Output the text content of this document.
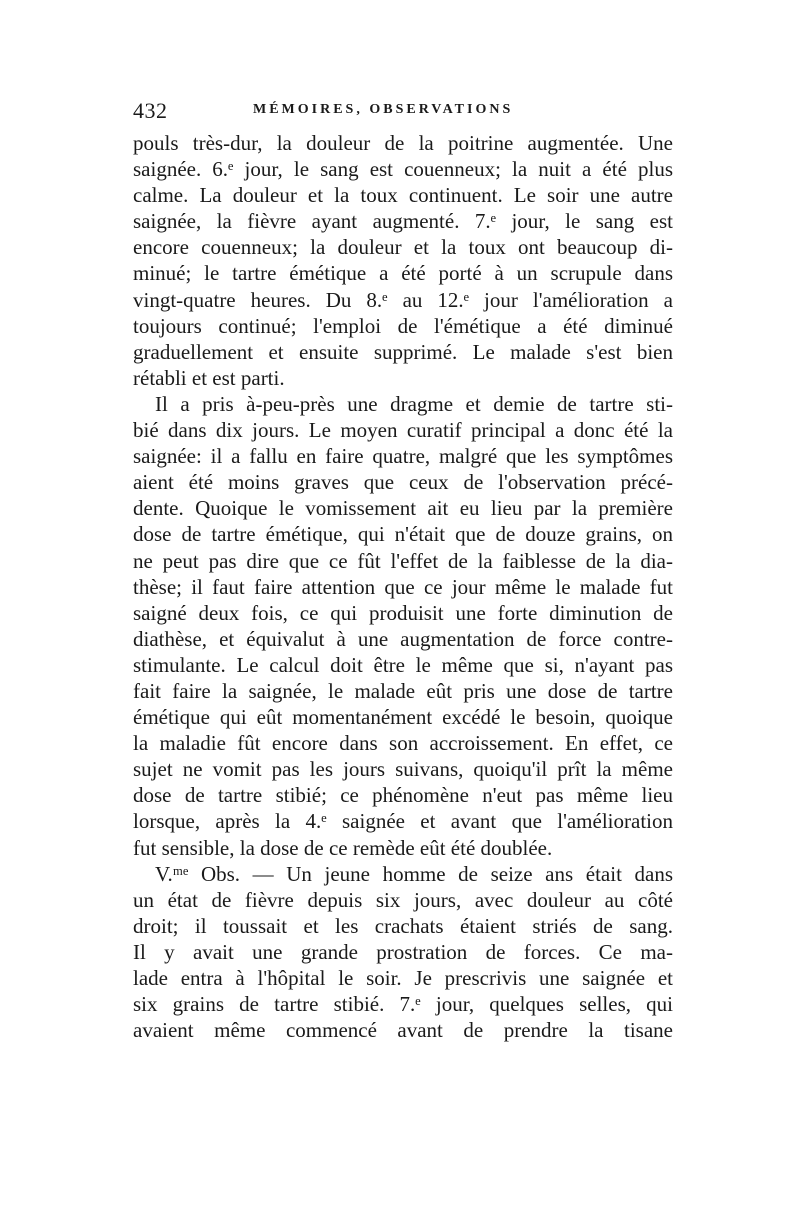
432	MÉMOIRES, OBSERVATIONS
pouls très-dur, la douleur de la poitrine augmentée. Une
saignée. 6.ᵉ jour, le sang est couenneux; la nuit a été plus
calme. La douleur et la toux continuent. Le soir une autre
saignée, la fièvre ayant augmenté. 7.ᵉ jour, le sang est
encore couenneux; la douleur et la toux ont beaucoup di-
minué; le tartre émétique a été porté à un scrupule dans
vingt-quatre heures. Du 8.ᵉ au 12.ᵉ jour l'amélioration a
toujours continué; l'emploi de l'émétique a été diminué
graduellement et ensuite supprimé. Le malade s'est bien
rétabli et est parti.
Il a pris à-peu-près une dragme et demie de tartre sti-
bié dans dix jours. Le moyen curatif principal a donc été la
saignée: il a fallu en faire quatre, malgré que les symptômes
aient été moins graves que ceux de l'observation précé-
dente. Quoique le vomissement ait eu lieu par la première
dose de tartre émétique, qui n'était que de douze grains, on
ne peut pas dire que ce fût l'effet de la faiblesse de la dia-
thèse; il faut faire attention que ce jour même le malade fut
saigné deux fois, ce qui produisit une forte diminution de
diathèse, et équivalut à une augmentation de force contre-
stimulante. Le calcul doit être le même que si, n'ayant pas
fait faire la saignée, le malade eût pris une dose de tartre
émétique qui eût momentanément excédé le besoin, quoique
la maladie fût encore dans son accroissement. En effet, ce
sujet ne vomit pas les jours suivans, quoiqu'il prît la même
dose de tartre stibié; ce phénomène n'eut pas même lieu
lorsque, après la 4.ᵉ saignée et avant que l'amélioration
fut sensible, la dose de ce remède eût été doublée.
V.ᵐᵉ Obs. — Un jeune homme de seize ans était dans
un état de fièvre depuis six jours, avec douleur au côté
droit; il toussait et les crachats étaient striés de sang.
Il y avait une grande prostration de forces. Ce ma-
lade entra à l'hôpital le soir. Je prescrivis une saignée et
six grains de tartre stibié. 7.ᵉ jour, quelques selles, qui
avaient même commencé avant de prendre la tisane
